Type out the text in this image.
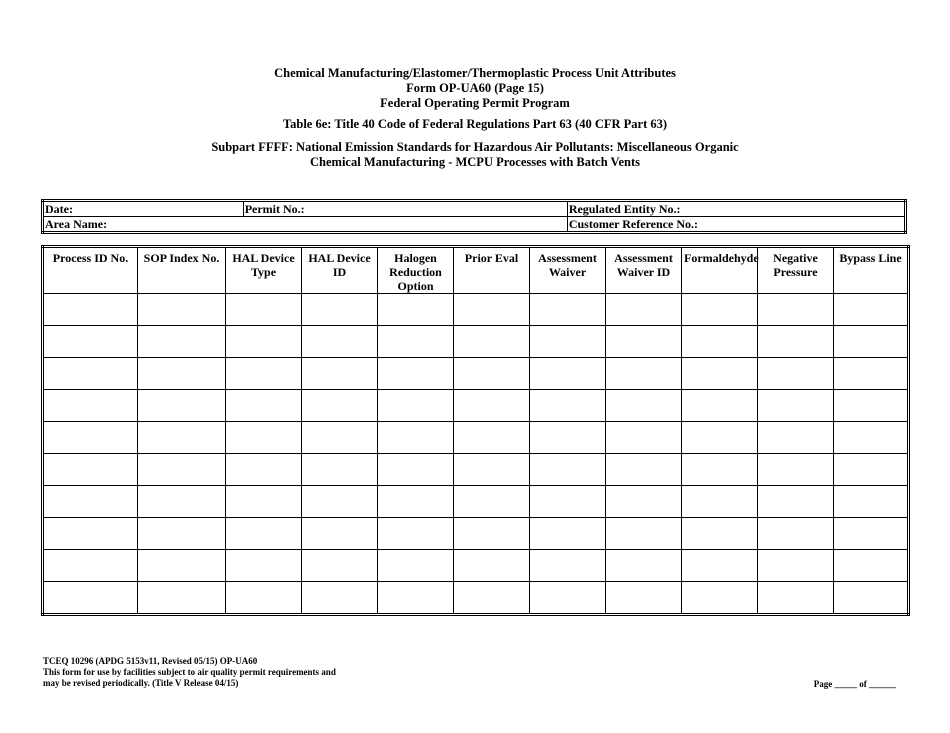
Chemical Manufacturing/Elastomer/Thermoplastic Process Unit Attributes
Form OP-UA60 (Page 15)
Federal Operating Permit Program
Table 6e: Title 40 Code of Federal Regulations Part 63 (40 CFR Part 63)
Subpart FFFF: National Emission Standards for Hazardous Air Pollutants: Miscellaneous Organic
Chemical Manufacturing - MCPU Processes with Batch Vents
Date:	Permit No.:	Regulated Entity No.:
Area Name:		Customer Reference No.:
Process ID No.	SOP Index No.	HAL Device Type	HAL Device ID	Halogen Reduction Option	Prior Eval	Assessment Waiver	Assessment Waiver ID	Formaldehyde	Negative Pressure	Bypass Line

TCEQ 10296 (APDG 5153v11, Revised 05/15) OP-UA60
This form for use by facilities subject to air quality permit requirements and
may be revised periodically. (Title V Release 04/15)	Page _____ of ______
